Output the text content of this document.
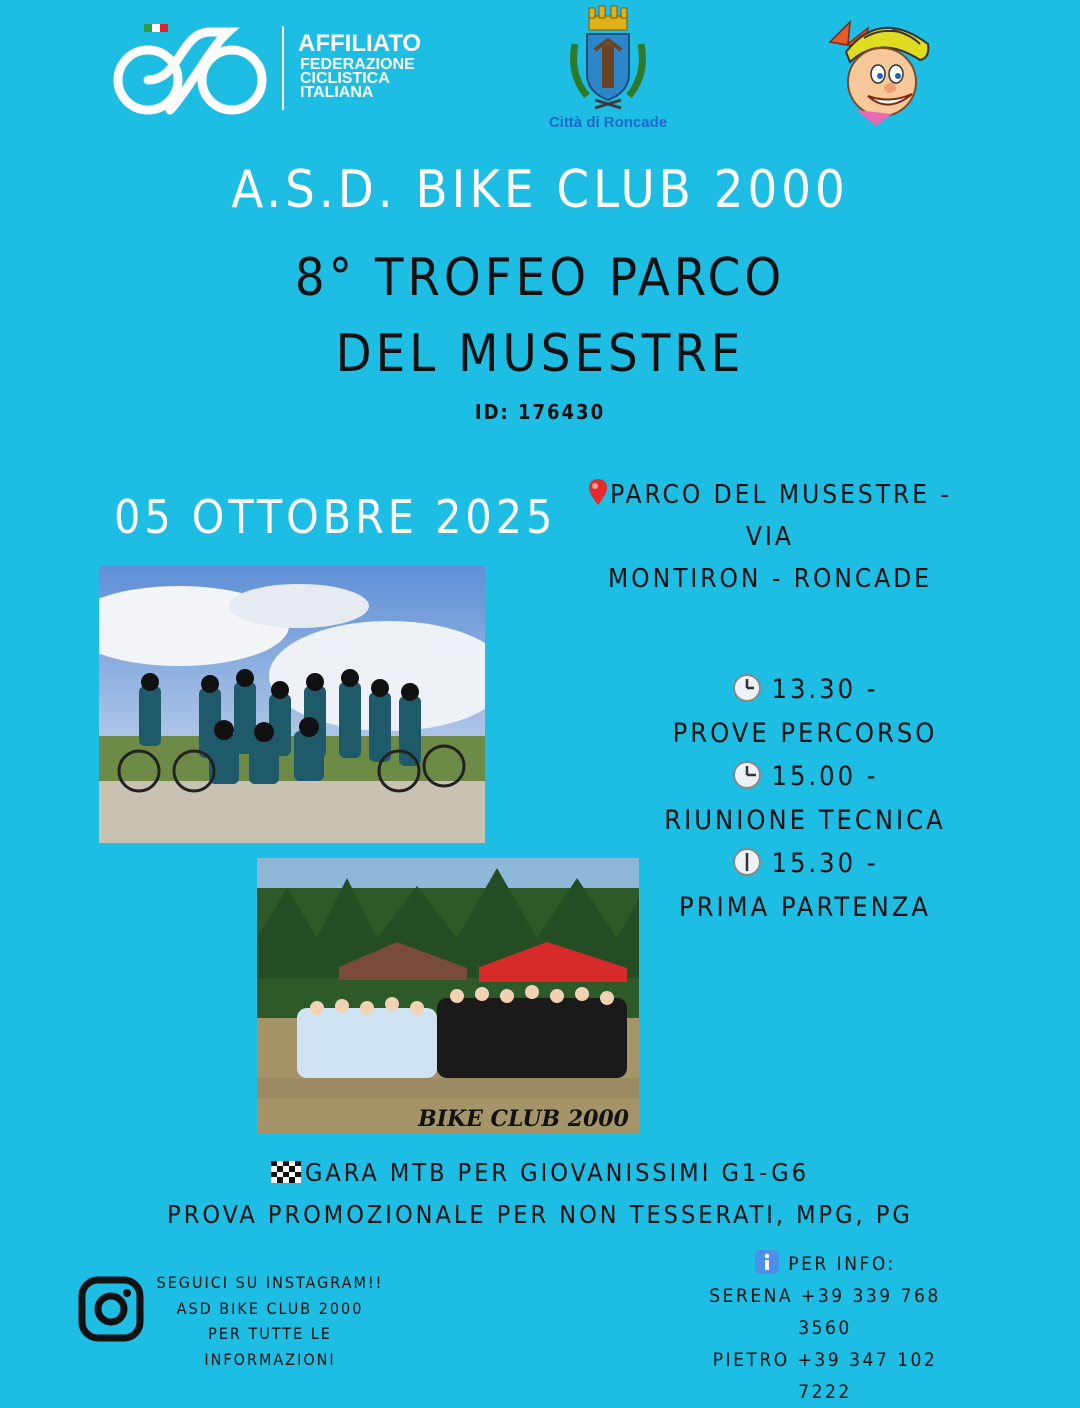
AFFILIATO
FEDERAZIONE
CICLISTICA
ITALIANA
Città di Roncade
A.S.D. BIKE CLUB 2000
8° TROFEO PARCO
DEL MUSESTRE
ID: 176430
05 OTTOBRE 2025	PARCO DEL MUSESTRE - VIA
MONTIRON - RONCADE
BIKE CLUB 2000
13.30 -
PROVE PERCORSO
15.00 -
RIUNIONE TECNICA
15.30 -
PRIMA PARTENZA
GARA MTB PER GIOVANISSIMI G1-G6
PROVA PROMOZIONALE PER NON TESSERATI, MPG, PG
SEGUICI SU INSTAGRAM!!
ASD BIKE CLUB 2000
PER TUTTE LE INFORMAZIONI
PER INFO:
SERENA +39 339 768 3560
PIETRO +39 347 102 7222
